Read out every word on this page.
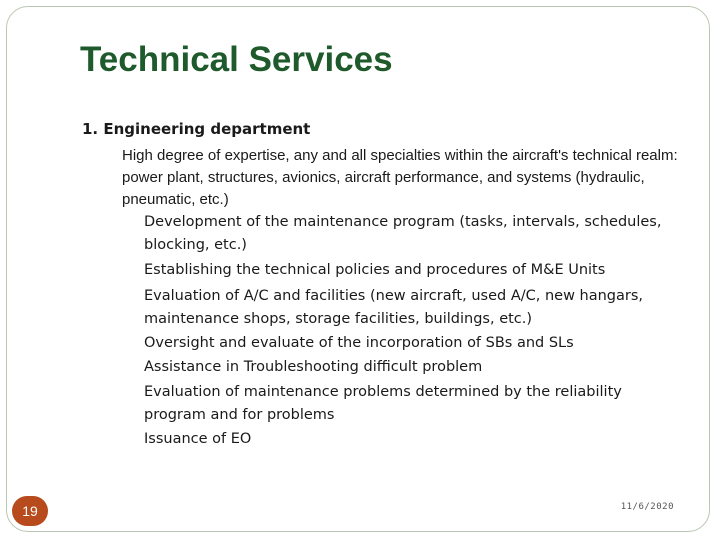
Technical Services
1. Engineering department
High degree of expertise, any and all specialties within the aircraft's technical realm: power plant, structures, avionics, aircraft performance, and systems (hydraulic, pneumatic, etc.)
Development of the maintenance program (tasks, intervals, schedules, blocking, etc.)
Establishing the technical policies and procedures of M&E Units
Evaluation of A/C and facilities (new aircraft, used A/C, new hangars, maintenance shops, storage facilities, buildings, etc.)
Oversight and evaluate of the incorporation of SBs and SLs
Assistance in Troubleshooting difficult problem
Evaluation of maintenance problems determined by the reliability program and for problems
Issuance of EO
19	11/6/2020
